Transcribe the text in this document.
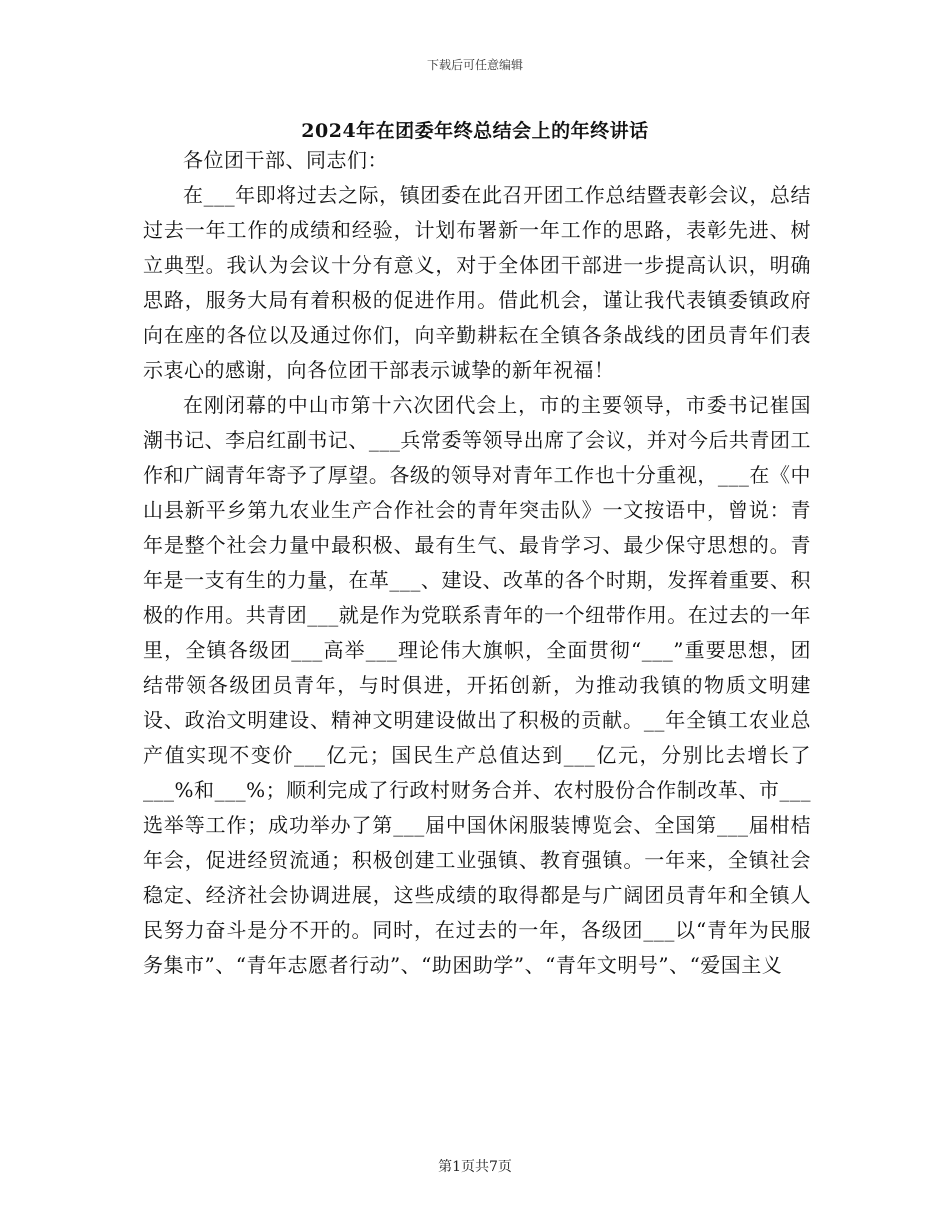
下载后可任意编辑
2024年在团委年终总结会上的年终讲话

各位团干部、同志们：

在___年即将过去之际，镇团委在此召开团工作总结暨表彰会议，总结过去一年工作的成绩和经验，计划布署新一年工作的思路，表彰先进、树立典型。我认为会议十分有意义，对于全体团干部进一步提高认识，明确思路，服务大局有着积极的促进作用。借此机会，谨让我代表镇委镇政府向在座的各位以及通过你们，向辛勤耕耘在全镇各条战线的团员青年们表示衷心的感谢，向各位团干部表示诚挚的新年祝福！

在刚闭幕的中山市第十六次团代会上，市的主要领导，市委书记崔国潮书记、李启红副书记、___兵常委等领导出席了会议，并对今后共青团工作和广阔青年寄予了厚望。各级的领导对青年工作也十分重视，___在《中山县新平乡第九农业生产合作社会的青年突击队》一文按语中，曾说：青年是整个社会力量中最积极、最有生气、最肯学习、最少保守思想的。青年是一支有生的力量，在革___、建设、改革的各个时期，发挥着重要、积极的作用。共青团___就是作为党联系青年的一个纽带作用。在过去的一年里，全镇各级团___高举___理论伟大旗帜，全面贯彻“___”重要思想，团结带领各级团员青年，与时俱进，开拓创新，为推动我镇的物质文明建设、政治文明建设、精神文明建设做出了积极的贡献。__年全镇工农业总产值实现不变价___亿元；国民生产总值达到___亿元，分别比去增长了___%和___%；顺利完成了行政村财务合并、农村股份合作制改革、市___选举等工作；成功举办了第___届中国休闲服装博览会、全国第___届柑桔年会，促进经贸流通；积极创建工业强镇、教育强镇。一年来，全镇社会稳定、经济社会协调进展，这些成绩的取得都是与广阔团员青年和全镇人民努力奋斗是分不开的。同时，在过去的一年，各级团___以“青年为民服务集市”、“青年志愿者行动”、“助困助学”、“青年文明号”、“爱国主义

第1页共7页
